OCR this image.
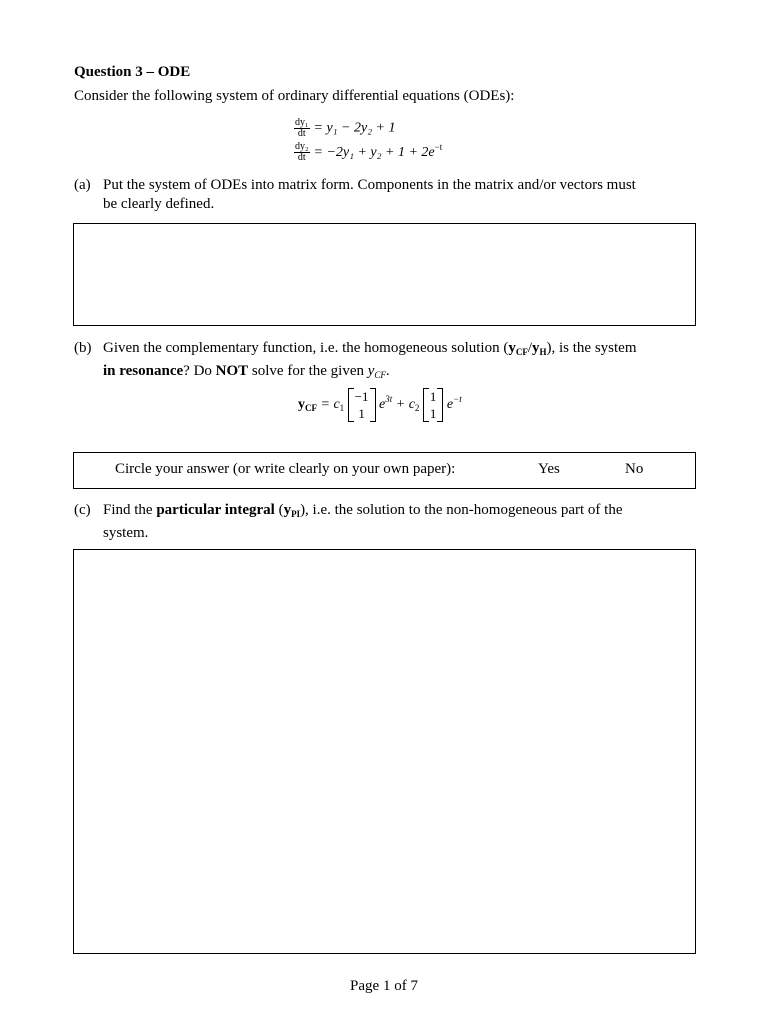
Question 3 – ODE
Consider the following system of ordinary differential equations (ODEs):
$\frac{\text{dy₁}}{dt} = y_1 - 2y_2 + 1$
$\frac{\text{dy₂}}{dt} = -2y_1 + y_2 + 1 + 2e^{-t}$
(a) Put the system of ODEs into matrix form. Components in the matrix and/or vectors must
be clearly defined.
(b) Given the complementary function, i.e. the homogeneous solution $(y_{CF}/y_H)$, is the system
in resonance? Do NOT solve for the given $y_{CF}$.
$y_{CF} = c_1$
−1
1
$e^{3t} + c_2$
1
1
$e^{-t}$
Circle your answer (or write clearly on your own paper):	Yes	No
(c) Find the particular integral $(y_{PI})$, i.e. the solution to the non-homogeneous part of the
system.
Page 1 of 7
